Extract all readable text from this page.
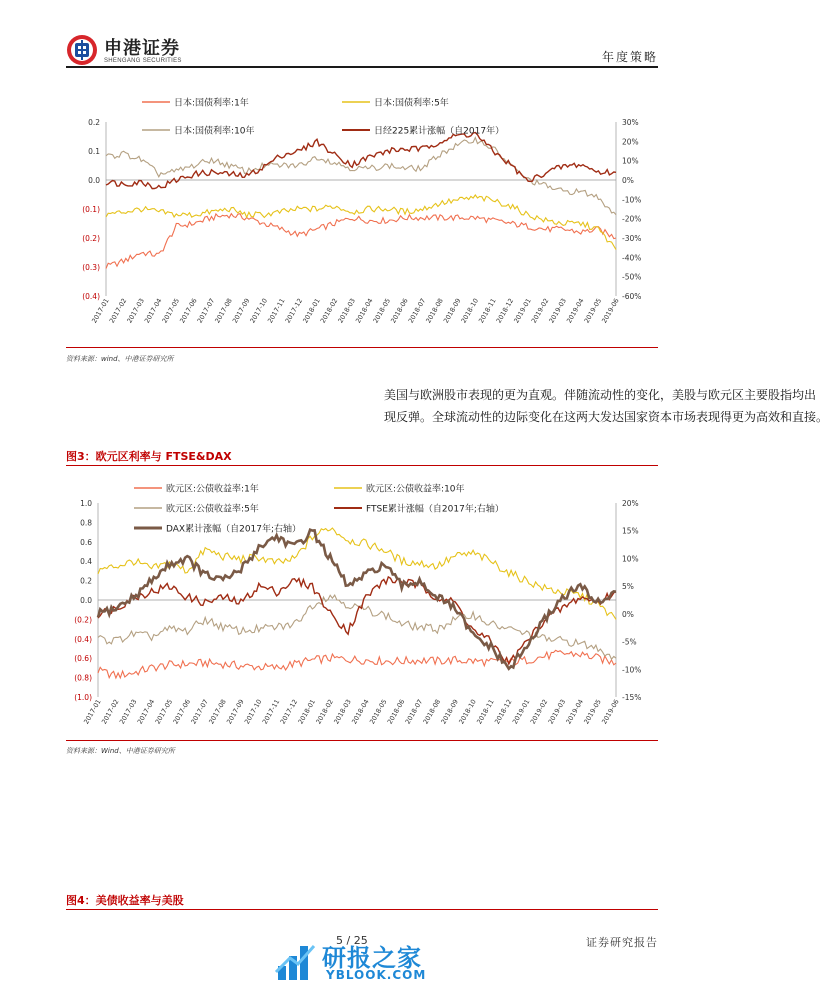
申港证券
SHENGANG SECURITIES	年度策略
0.2
0.1
0.0
(0.1)
(0.2)
(0.3)
(0.4)
30%
20%
10%
0%
-10%
-20%
-30%
-40%
-50%
-60%
2017-01
2017-02
2017-03
2017-04
2017-05
2017-06
2017-07
2017-08
2017-09
2017-10
2017-11
2017-12
2018-01
2018-02
2018-03
2018-04
2018-05
2018-06
2018-07
2018-08
2018-09
2018-10
2018-11
2018-12
2019-01
2019-02
2019-03
2019-04
2019-05
2019-06
日本:国债利率:1年	日本:国债利率:5年
日本:国债利率:10年	日经225累计涨幅（自2017年）
资料来源：wind、中港证券研究所
美国与欧洲股市表现的更为直观。伴随流动性的变化，美股与欧元区主要股指均出
现反弹。全球流动性的边际变化在这两大发达国家资本市场表现得更为高效和直接。
图3：欧元区利率与 FTSE&DAX
1.0
0.8
0.6
0.4
0.2
0.0
(0.2)
(0.4)
(0.6)
(0.8)
(1.0)
20%
15%
10%
5%
0%
-5%
-10%
-15%
2017-01
2017-02
2017-03
2017-04
2017-05
2017-06
2017-07
2017-08
2017-09
2017-10
2017-11
2017-12
2018-01
2018-02
2018-03
2018-04
2018-05
2018-06
2018-07
2018-08
2018-09
2018-10
2018-11
2018-12
2019-01
2019-02
2019-03
2019-04
2019-05
2019-06
欧元区:公债收益率:1年	欧元区:公债收益率:10年
欧元区:公债收益率:5年	FTSE累计涨幅（自2017年;右轴）
DAX累计涨幅（自2017年;右轴）
资料来源：Wind、中港证券研究所
图4：美债收益率与美股
5 / 25	证券研究报告
研报之家
YBLOOK.COM
